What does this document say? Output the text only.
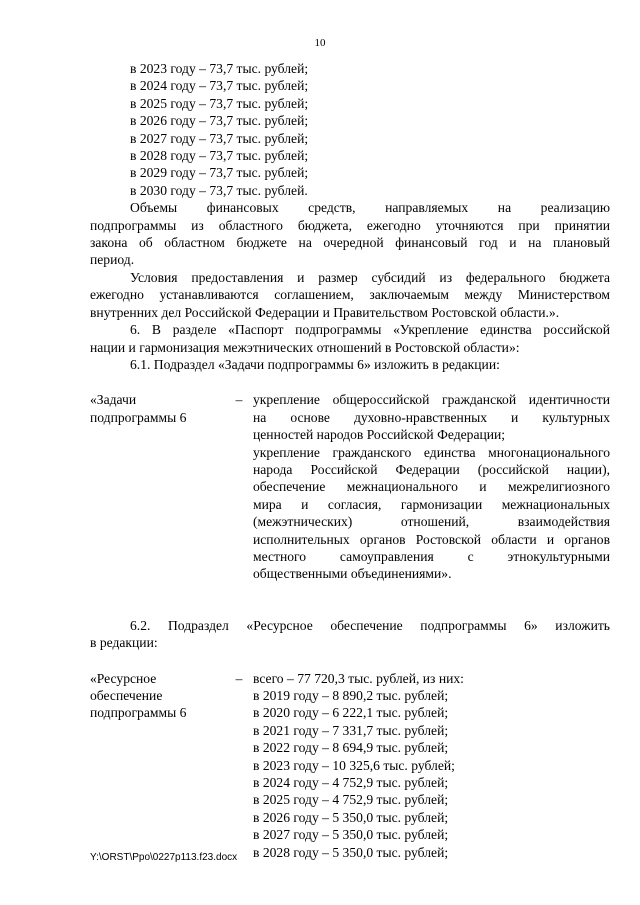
10
в 2023 году – 73,7 тыс. рублей;
в 2024 году – 73,7 тыс. рублей;
в 2025 году – 73,7 тыс. рублей;
в 2026 году – 73,7 тыс. рублей;
в 2027 году – 73,7 тыс. рублей;
в 2028 году – 73,7 тыс. рублей;
в 2029 году – 73,7 тыс. рублей;
в 2030 году – 73,7 тыс. рублей.
Объемы финансовых средств, направляемых на реализацию
подпрограммы из областного бюджета, ежегодно уточняются при принятии
закона об областном бюджете на очередной финансовый год и на плановый
период.
Условия предоставления и размер субсидий из федерального бюджета
ежегодно устанавливаются соглашением, заключаемым между Министерством
внутренних дел Российской Федерации и Правительством Ростовской области.».
6. В разделе «Паспорт подпрограммы «Укрепление единства российской
нации и гармонизация межэтнических отношений в Ростовской области»:
6.1. Подраздел «Задачи подпрограммы 6» изложить в редакции:
«Задачи
подпрограммы 6
– укрепление общероссийской гражданской идентичности
на основе духовно-нравственных и культурных
ценностей народов Российской Федерации;
укрепление гражданского единства многонационального
народа Российской Федерации (российской нации),
обеспечение межнационального и межрелигиозного
мира и согласия, гармонизации межнациональных
(межэтнических) отношений, взаимодействия
исполнительных органов Ростовской области и органов
местного самоуправления с этнокультурными
общественными объединениями».
6.2. Подраздел «Ресурсное обеспечение подпрограммы 6» изложить
в редакции:
«Ресурсное
обеспечение
подпрограммы 6
– всего – 77 720,3 тыс. рублей, из них:
в 2019 году – 8 890,2 тыс. рублей;
в 2020 году – 6 222,1 тыс. рублей;
в 2021 году – 7 331,7 тыс. рублей;
в 2022 году – 8 694,9 тыс. рублей;
в 2023 году – 10 325,6 тыс. рублей;
в 2024 году – 4 752,9 тыс. рублей;
в 2025 году – 4 752,9 тыс. рублей;
в 2026 году – 5 350,0 тыс. рублей;
в 2027 году – 5 350,0 тыс. рублей;
в 2028 году – 5 350,0 тыс. рублей;
Y:\ORST\Ppo\0227p113.f23.docx
